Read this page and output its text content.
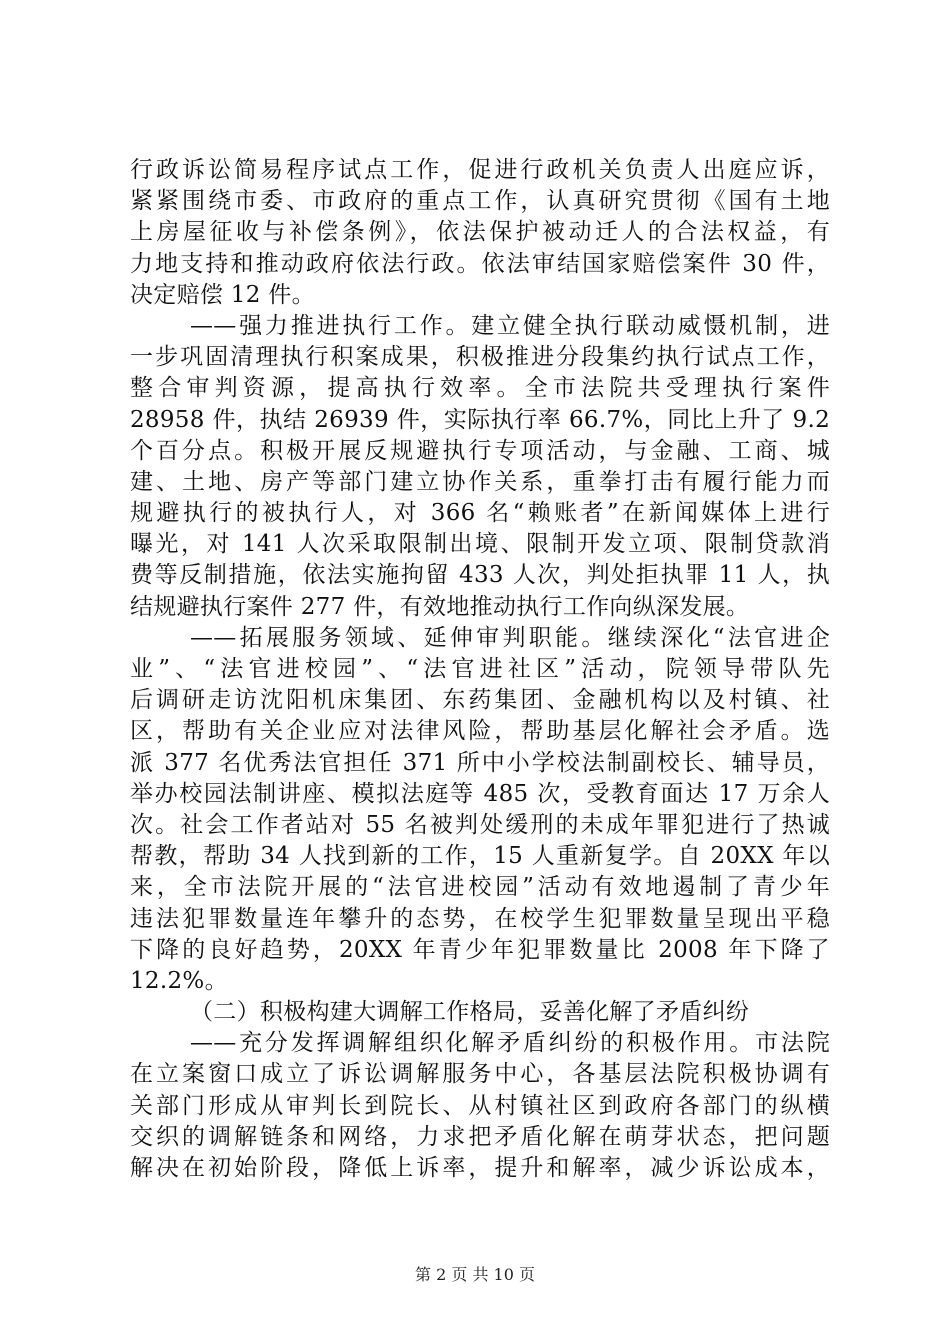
行政诉讼简易程序试点工作，促进行政机关负责人出庭应诉，
紧紧围绕市委、市政府的重点工作，认真研究贯彻《国有土地
上房屋征收与补偿条例》，依法保护被动迁人的合法权益，有
力地支持和推动政府依法行政。依法审结国家赔偿案件 30 件，
决定赔偿 12 件。
——强力推进执行工作。建立健全执行联动威慑机制，进
一步巩固清理执行积案成果，积极推进分段集约执行试点工作，
整合审判资源，提高执行效率。全市法院共受理执行案件
28958 件，执结 26939 件，实际执行率 66.7%，同比上升了 9.2
个百分点。积极开展反规避执行专项活动，与金融、工商、城
建、土地、房产等部门建立协作关系，重拳打击有履行能力而
规避执行的被执行人，对 366 名“赖账者”在新闻媒体上进行
曝光，对 141 人次采取限制出境、限制开发立项、限制贷款消
费等反制措施，依法实施拘留 433 人次，判处拒执罪 11 人，执
结规避执行案件 277 件，有效地推动执行工作向纵深发展。
——拓展服务领域、延伸审判职能。继续深化“法官进企
业”、“法官进校园”、“法官进社区”活动，院领导带队先
后调研走访沈阳机床集团、东药集团、金融机构以及村镇、社
区，帮助有关企业应对法律风险，帮助基层化解社会矛盾。选
派 377 名优秀法官担任 371 所中小学校法制副校长、辅导员，
举办校园法制讲座、模拟法庭等 485 次，受教育面达 17 万余人
次。社会工作者站对 55 名被判处缓刑的未成年罪犯进行了热诚
帮教，帮助 34 人找到新的工作，15 人重新复学。自 20XX 年以
来，全市法院开展的“法官进校园”活动有效地遏制了青少年
违法犯罪数量连年攀升的态势，在校学生犯罪数量呈现出平稳
下降的良好趋势，20XX 年青少年犯罪数量比 2008 年下降了
12.2%。
（二）积极构建大调解工作格局，妥善化解了矛盾纠纷
——充分发挥调解组织化解矛盾纠纷的积极作用。市法院
在立案窗口成立了诉讼调解服务中心，各基层法院积极协调有
关部门形成从审判长到院长、从村镇社区到政府各部门的纵横
交织的调解链条和网络，力求把矛盾化解在萌芽状态，把问题
解决在初始阶段，降低上诉率，提升和解率，减少诉讼成本，
第 2 页 共 10 页
